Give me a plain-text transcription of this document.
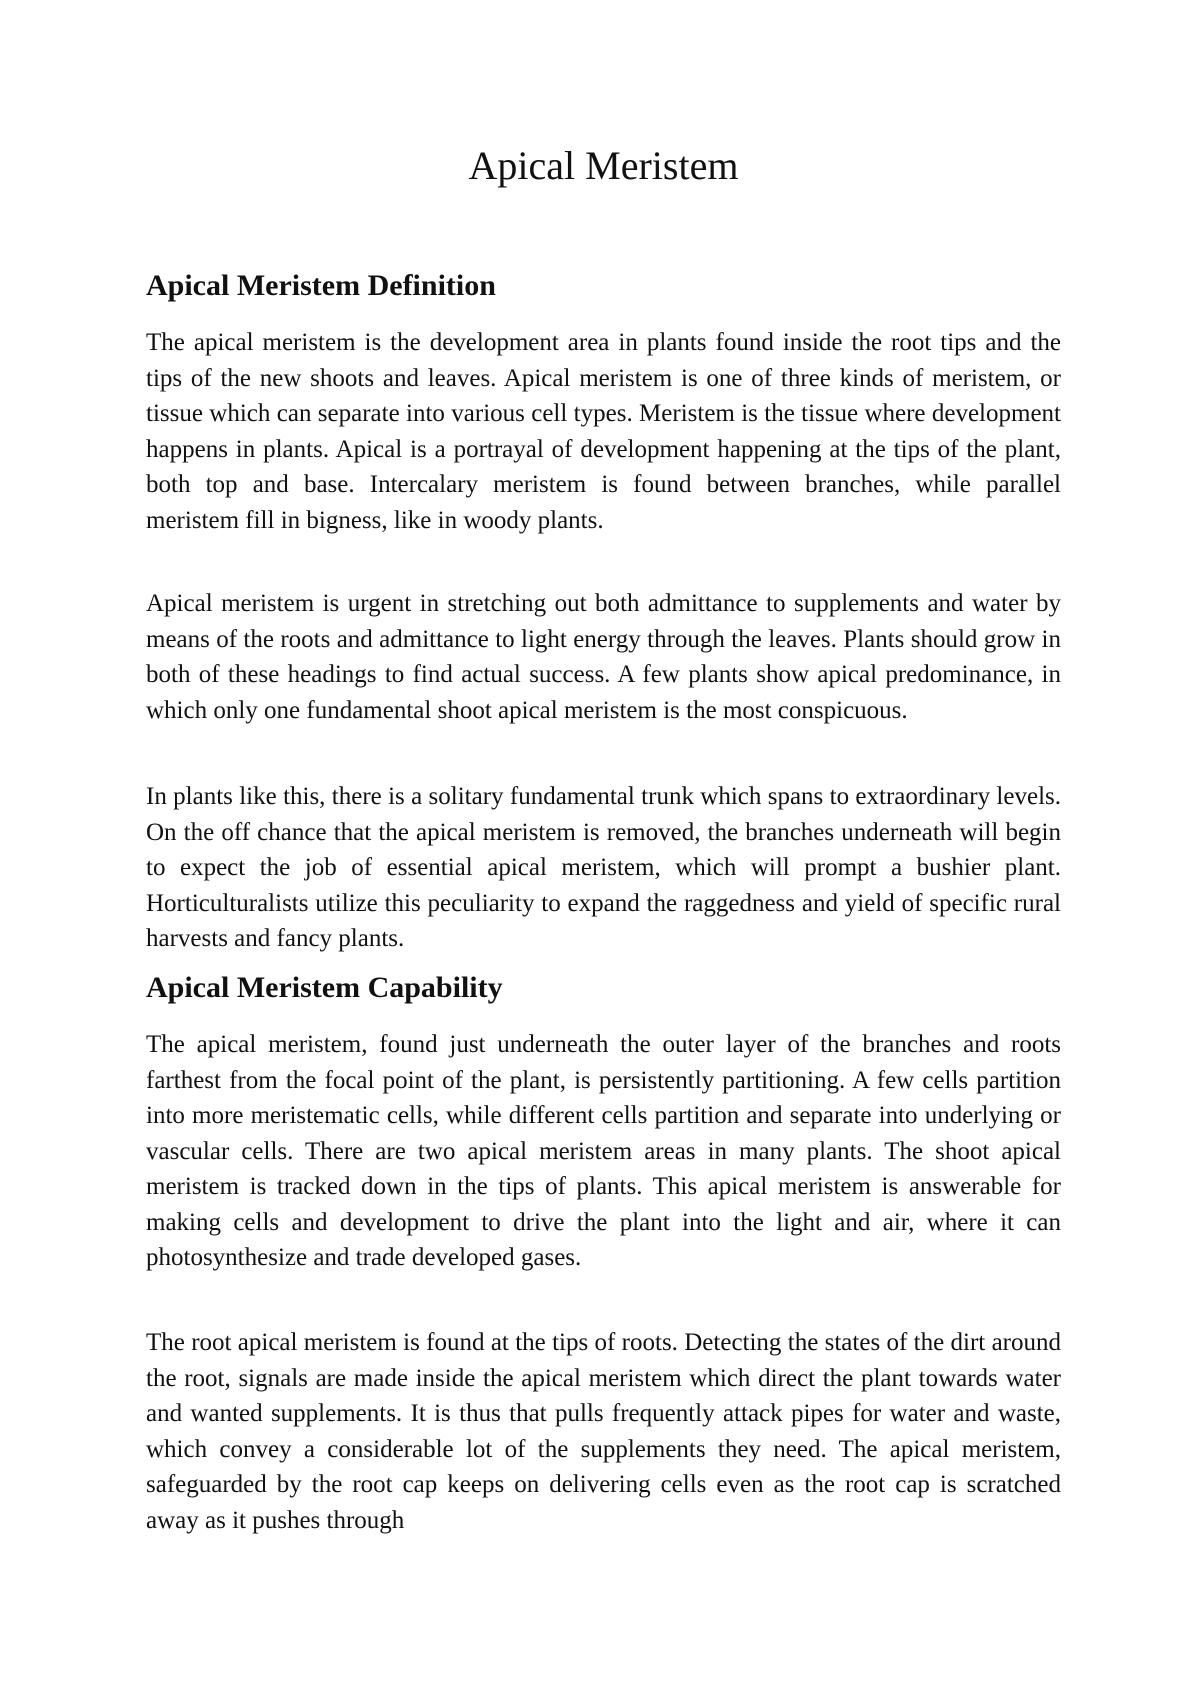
Apical Meristem
Apical Meristem Definition

The apical meristem is the development area in plants found inside the root tips and the tips of the new shoots and leaves. Apical meristem is one of three kinds of meristem, or tissue which can separate into various cell types. Meristem is the tissue where development happens in plants. Apical is a portrayal of development happening at the tips of the plant, both top and base. Intercalary meristem is found between branches, while parallel meristem fill in bigness, like in woody plants.

Apical meristem is urgent in stretching out both admittance to supplements and water by means of the roots and admittance to light energy through the leaves. Plants should grow in both of these headings to find actual success. A few plants show apical predominance, in which only one fundamental shoot apical meristem is the most conspicuous.

In plants like this, there is a solitary fundamental trunk which spans to extraordinary levels. On the off chance that the apical meristem is removed, the branches underneath will begin to expect the job of essential apical meristem, which will prompt a bushier plant. Horticulturalists utilize this peculiarity to expand the raggedness and yield of specific rural harvests and fancy plants.

Apical Meristem Capability

The apical meristem, found just underneath the outer layer of the branches and roots farthest from the focal point of the plant, is persistently partitioning. A few cells partition into more meristematic cells, while different cells partition and separate into underlying or vascular cells. There are two apical meristem areas in many plants. The shoot apical meristem is tracked down in the tips of plants. This apical meristem is answerable for making cells and development to drive the plant into the light and air, where it can photosynthesize and trade developed gases.

The root apical meristem is found at the tips of roots. Detecting the states of the dirt around the root, signals are made inside the apical meristem which direct the plant towards water and wanted supplements. It is thus that pulls frequently attack pipes for water and waste, which convey a considerable lot of the supplements they need. The apical meristem, safeguarded by the root cap keeps on delivering cells even as the root cap is scratched away as it pushes through
